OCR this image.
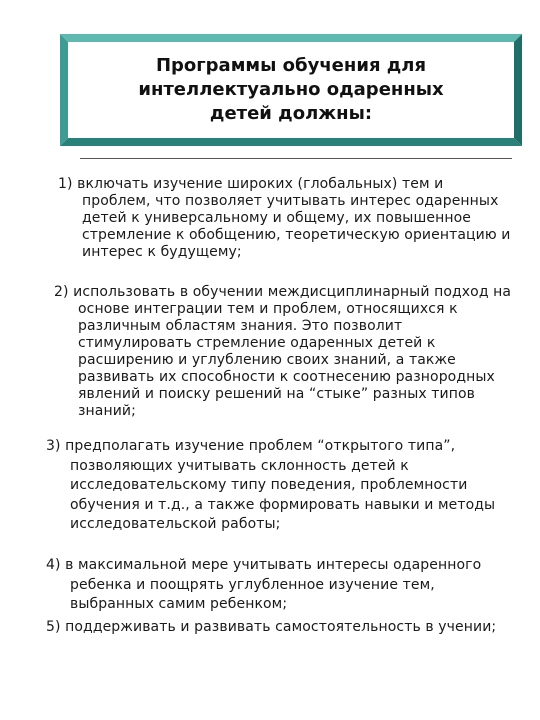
Программы обучения для интеллектуально одаренных детей должны:
1) включать изучение широких (глобальных) тем и проблем, что позволяет учитывать интерес одаренных детей к универсальному и общему, их повышенное стремление к обобщению, теоретическую ориентацию и интерес к будущему;
2) использовать в обучении междисциплинарный подход на основе интеграции тем и проблем, относящихся к различным областям знания. Это позволит стимулировать стремление одаренных детей к расширению и углублению своих знаний, а также развивать их способности к соотнесению разнородных явлений и поиску решений на “стыке” разных типов знаний;
3) предполагать изучение проблем “открытого типа”, позволяющих учитывать склонность детей к исследовательскому типу поведения, проблемности обучения и т.д., а также формировать навыки и методы исследовательской работы;
4) в максимальной мере учитывать интересы одаренного ребенка и поощрять углубленное изучение тем, выбранных самим ребенком;
5) поддерживать и развивать самостоятельность в учении;
